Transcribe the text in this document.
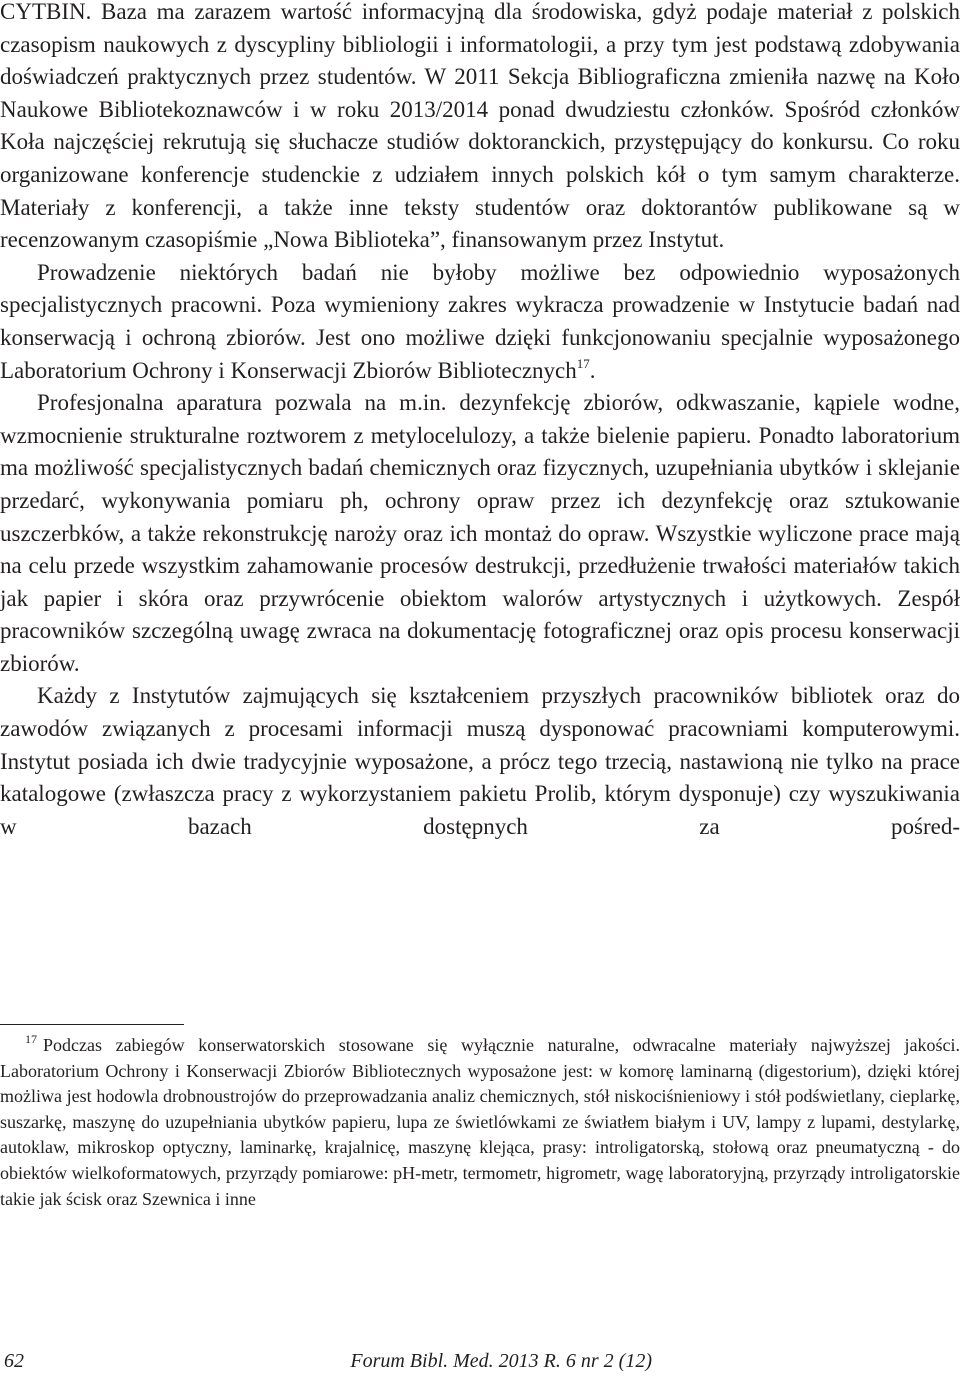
CYTBIN. Baza ma zarazem wartość informacyjną dla środowiska, gdyż podaje materiał z polskich czasopism naukowych z dyscypliny bibliologii i informatologii, a przy tym jest podstawą zdobywania doświadczeń praktycznych przez studentów. W 2011 Sekcja Bibliograficzna zmieniła nazwę na Koło Naukowe Bibliotekoznawców i w roku 2013/2014 ponad dwudziestu członków. Spośród członków Koła najczęściej rekrutują się słuchacze studiów doktoranckich, przystępujący do konkursu. Co roku organizowane konferencje studenckie z udziałem innych polskich kół o tym samym charakterze. Materiały z konferencji, a także inne teksty studentów oraz doktorantów publikowane są w recenzowanym czasopiśmie „Nowa Biblioteka”, finansowanym przez Instytut.

Prowadzenie niektórych badań nie byłoby możliwe bez odpowiednio wyposażonych specjalistycznych pracowni. Poza wymieniony zakres wykracza prowadzenie w Instytucie badań nad konserwacją i ochroną zbiorów. Jest ono możliwe dzięki funkcjonowaniu specjalnie wyposażonego Laboratorium Ochrony i Konserwacji Zbiorów Bibliotecznych$^{17}$.

Profesjonalna aparatura pozwala na m.in. dezynfekcję zbiorów, odkwaszanie, kąpiele wodne, wzmocnienie strukturalne roztworem z metylocelulozy, a także bielenie papieru. Ponadto laboratorium ma możliwość specjalistycznych badań chemicznych oraz fizycznych, uzupełniania ubytków i sklejanie przedarć, wykonywania pomiaru ph, ochrony opraw przez ich dezynfekcję oraz sztukowanie uszczerbków, a także rekonstrukcję naroży oraz ich montaż do opraw. Wszystkie wyliczone prace mają na celu przede wszystkim zahamowanie procesów destrukcji, przedłużenie trwałości materiałów takich jak papier i skóra oraz przywrócenie obiektom walorów artystycznych i użytkowych. Zespół pracowników szczególną uwagę zwraca na dokumentację fotograficznej oraz opis procesu konserwacji zbiorów.

Każdy z Instytutów zajmujących się kształceniem przyszłych pracowników bibliotek oraz do zawodów związanych z procesami informacji muszą dysponować pracowniami komputerowymi. Instytut posiada ich dwie tradycyjnie wyposażone, a prócz tego trzecią, nastawioną nie tylko na prace katalogowe (zwłaszcza pracy z wykorzystaniem pakietu Prolib, którym dysponuje) czy wyszukiwania w bazach dostępnych za pośred-

$^{17}$ Podczas zabiegów konserwatorskich stosowane się wyłącznie naturalne, odwracalne materiały najwyższej jakości. Laboratorium Ochrony i Konserwacji Zbiorów Bibliotecznych wyposażone jest: w komorę laminarną (digestorium), dzięki której możliwa jest hodowla drobnoustrojów do przeprowadzania analiz chemicznych, stół niskociśnieniowy i stół podświetlany, cieplarkę, suszarkę, maszynę do uzupełniania ubytków papieru, lupa ze świetlówkami ze światłem białym i UV, lampy z lupami, destylarkę, autoklaw, mikroskop optyczny, laminarkę, krajalnicę, maszynę klejąca, prasy: introligatorską, stołową oraz pneumatyczną - do obiektów wielkoformatowych, przyrządy pomiarowe: pH-metr, termometr, higrometr, wagę laboratoryjną, przyrządy introligatorskie takie jak ścisk oraz Szewnica i inne

62	Forum Bibl. Med. 2013 R. 6 nr 2 (12)
